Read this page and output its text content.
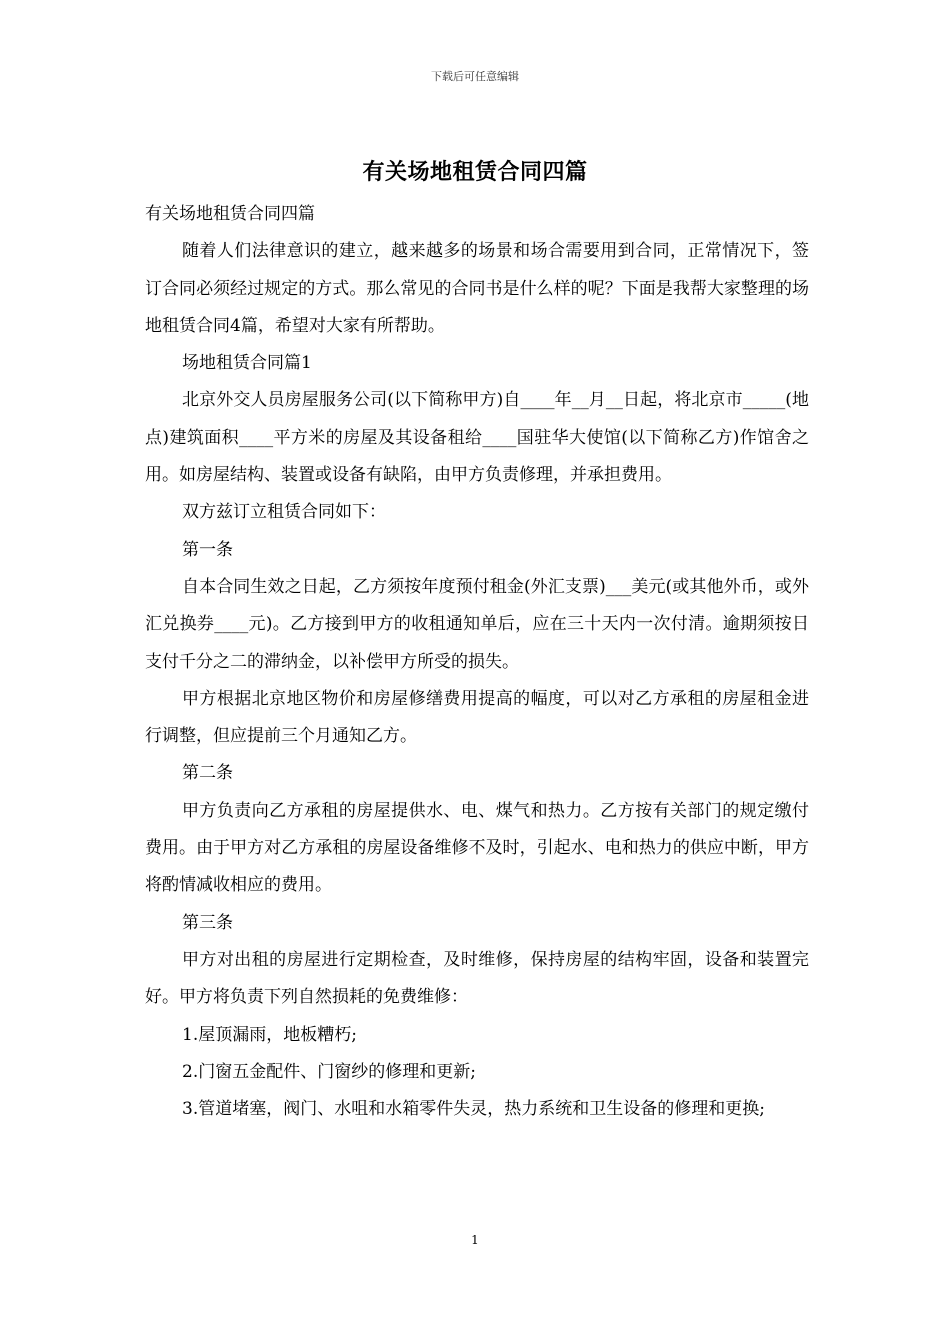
下载后可任意编辑
有关场地租赁合同四篇

有关场地租赁合同四篇

随着人们法律意识的建立，越来越多的场景和场合需要用到合同，正常情况下，签订合同必须经过规定的方式。那么常见的合同书是什么样的呢？下面是我帮大家整理的场地租赁合同4篇，希望对大家有所帮助。

场地租赁合同篇1

北京外交人员房屋服务公司(以下简称甲方)自____年__月__日起，将北京市_____(地点)建筑面积____平方米的房屋及其设备租给____国驻华大使馆(以下简称乙方)作馆舍之用。如房屋结构、装置或设备有缺陷，由甲方负责修理，并承担费用。

双方兹订立租赁合同如下：

第一条

自本合同生效之日起，乙方须按年度预付租金(外汇支票)___美元(或其他外币，或外汇兑换券____元)。乙方接到甲方的收租通知单后，应在三十天内一次付清。逾期须按日支付千分之二的滞纳金，以补偿甲方所受的损失。

甲方根据北京地区物价和房屋修缮费用提高的幅度，可以对乙方承租的房屋租金进行调整，但应提前三个月通知乙方。

第二条

甲方负责向乙方承租的房屋提供水、电、煤气和热力。乙方按有关部门的规定缴付费用。由于甲方对乙方承租的房屋设备维修不及时，引起水、电和热力的供应中断，甲方将酌情减收相应的费用。

第三条

甲方对出租的房屋进行定期检查，及时维修，保持房屋的结构牢固，设备和装置完好。甲方将负责下列自然损耗的免费维修：

1.屋顶漏雨，地板糟朽;

2.门窗五金配件、门窗纱的修理和更新;

3.管道堵塞，阀门、水咀和水箱零件失灵，热力系统和卫生设备的修理和更换;

1
